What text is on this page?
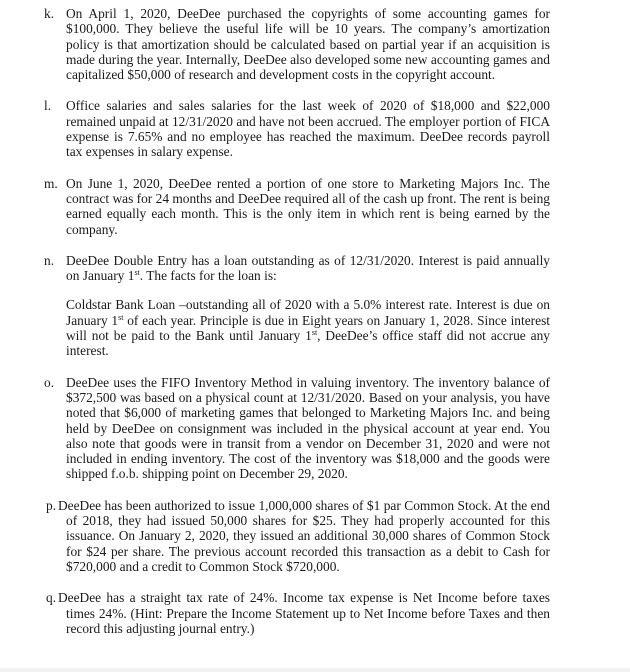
k. On April 1, 2020, DeeDee purchased the copyrights of some accounting games for $100,000. They believe the useful life will be 10 years. The company’s amortization policy is that amortization should be calculated based on partial year if an acquisition is made during the year. Internally, DeeDee also developed some new accounting games and capitalized $50,000 of research and development costs in the copyright account.

l. Office salaries and sales salaries for the last week of 2020 of $18,000 and $22,000 remained unpaid at 12/31/2020 and have not been accrued. The employer portion of FICA expense is 7.65% and no employee has reached the maximum. DeeDee records payroll tax expenses in salary expense.

m. On June 1, 2020, DeeDee rented a portion of one store to Marketing Majors Inc. The contract was for 24 months and DeeDee required all of the cash up front. The rent is being earned equally each month. This is the only item in which rent is being earned by the company.

n. DeeDee Double Entry has a loan outstanding as of 12/31/2020. Interest is paid annually on January 1st. The facts for the loan is:

Coldstar Bank Loan –outstanding all of 2020 with a 5.0% interest rate. Interest is due on January 1st of each year. Principle is due in Eight years on January 1, 2028. Since interest will not be paid to the Bank until January 1st, DeeDee’s office staff did not accrue any interest.

o. DeeDee uses the FIFO Inventory Method in valuing inventory. The inventory balance of $372,500 was based on a physical count at 12/31/2020. Based on your analysis, you have noted that $6,000 of marketing games that belonged to Marketing Majors Inc. and being held by DeeDee on consignment was included in the physical account at year end. You also note that goods were in transit from a vendor on December 31, 2020 and were not included in ending inventory. The cost of the inventory was $18,000 and the goods were shipped f.o.b. shipping point on December 29, 2020.

p. DeeDee has been authorized to issue 1,000,000 shares of $1 par Common Stock. At the end of 2018, they had issued 50,000 shares for $25. They had properly accounted for this issuance. On January 2, 2020, they issued an additional 30,000 shares of Common Stock for $24 per share. The previous account recorded this transaction as a debit to Cash for $720,000 and a credit to Common Stock $720,000.

q. DeeDee has a straight tax rate of 24%. Income tax expense is Net Income before taxes times 24%. (Hint: Prepare the Income Statement up to Net Income before Taxes and then record this adjusting journal entry.)
